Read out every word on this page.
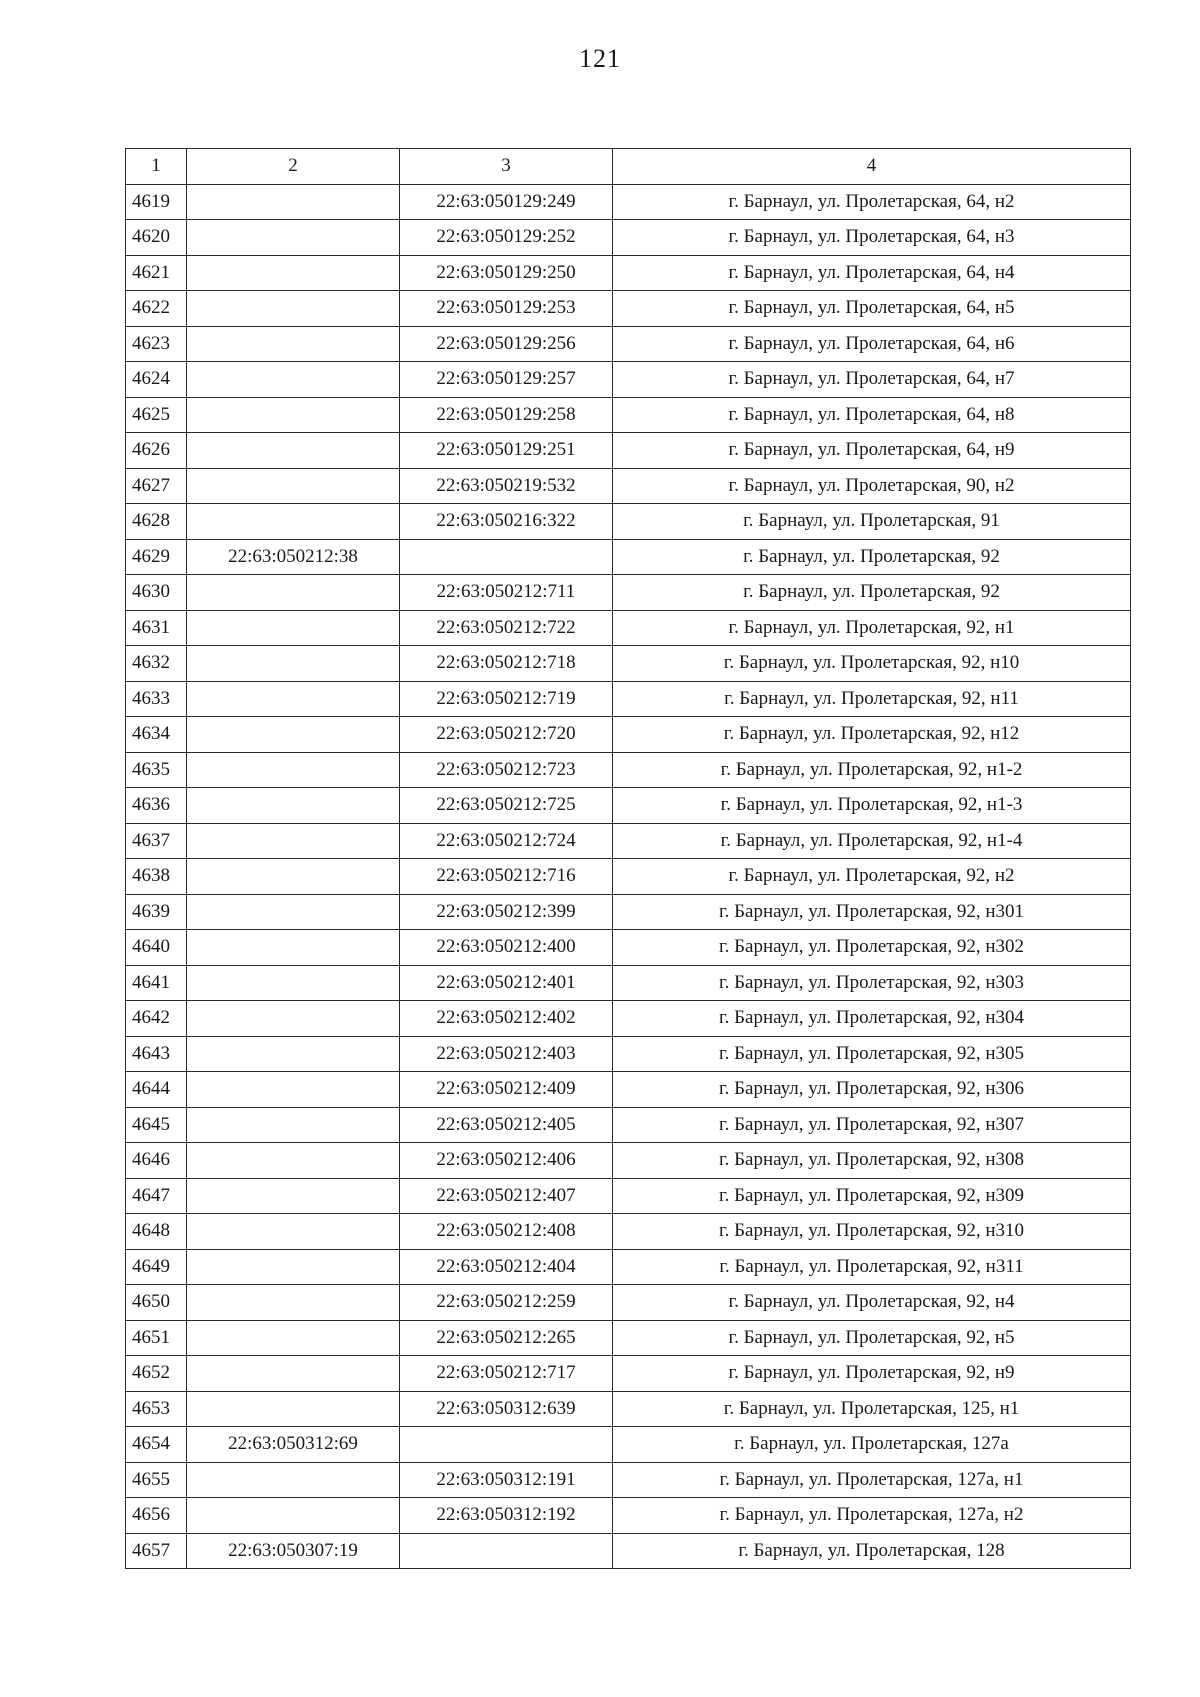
121
1	2	3	4
4619		22:63:050129:249	г. Барнаул, ул. Пролетарская, 64, н2
4620		22:63:050129:252	г. Барнаул, ул. Пролетарская, 64, н3
4621		22:63:050129:250	г. Барнаул, ул. Пролетарская, 64, н4
4622		22:63:050129:253	г. Барнаул, ул. Пролетарская, 64, н5
4623		22:63:050129:256	г. Барнаул, ул. Пролетарская, 64, н6
4624		22:63:050129:257	г. Барнаул, ул. Пролетарская, 64, н7
4625		22:63:050129:258	г. Барнаул, ул. Пролетарская, 64, н8
4626		22:63:050129:251	г. Барнаул, ул. Пролетарская, 64, н9
4627		22:63:050219:532	г. Барнаул, ул. Пролетарская, 90, н2
4628		22:63:050216:322	г. Барнаул, ул. Пролетарская, 91
4629	22:63:050212:38		г. Барнаул, ул. Пролетарская, 92
4630		22:63:050212:711	г. Барнаул, ул. Пролетарская, 92
4631		22:63:050212:722	г. Барнаул, ул. Пролетарская, 92, н1
4632		22:63:050212:718	г. Барнаул, ул. Пролетарская, 92, н10
4633		22:63:050212:719	г. Барнаул, ул. Пролетарская, 92, н11
4634		22:63:050212:720	г. Барнаул, ул. Пролетарская, 92, н12
4635		22:63:050212:723	г. Барнаул, ул. Пролетарская, 92, н1-2
4636		22:63:050212:725	г. Барнаул, ул. Пролетарская, 92, н1-3
4637		22:63:050212:724	г. Барнаул, ул. Пролетарская, 92, н1-4
4638		22:63:050212:716	г. Барнаул, ул. Пролетарская, 92, н2
4639		22:63:050212:399	г. Барнаул, ул. Пролетарская, 92, н301
4640		22:63:050212:400	г. Барнаул, ул. Пролетарская, 92, н302
4641		22:63:050212:401	г. Барнаул, ул. Пролетарская, 92, н303
4642		22:63:050212:402	г. Барнаул, ул. Пролетарская, 92, н304
4643		22:63:050212:403	г. Барнаул, ул. Пролетарская, 92, н305
4644		22:63:050212:409	г. Барнаул, ул. Пролетарская, 92, н306
4645		22:63:050212:405	г. Барнаул, ул. Пролетарская, 92, н307
4646		22:63:050212:406	г. Барнаул, ул. Пролетарская, 92, н308
4647		22:63:050212:407	г. Барнаул, ул. Пролетарская, 92, н309
4648		22:63:050212:408	г. Барнаул, ул. Пролетарская, 92, н310
4649		22:63:050212:404	г. Барнаул, ул. Пролетарская, 92, н311
4650		22:63:050212:259	г. Барнаул, ул. Пролетарская, 92, н4
4651		22:63:050212:265	г. Барнаул, ул. Пролетарская, 92, н5
4652		22:63:050212:717	г. Барнаул, ул. Пролетарская, 92, н9
4653		22:63:050312:639	г. Барнаул, ул. Пролетарская, 125, н1
4654	22:63:050312:69		г. Барнаул, ул. Пролетарская, 127а
4655		22:63:050312:191	г. Барнаул, ул. Пролетарская, 127а, н1
4656		22:63:050312:192	г. Барнаул, ул. Пролетарская, 127а, н2
4657	22:63:050307:19		г. Барнаул, ул. Пролетарская, 128
